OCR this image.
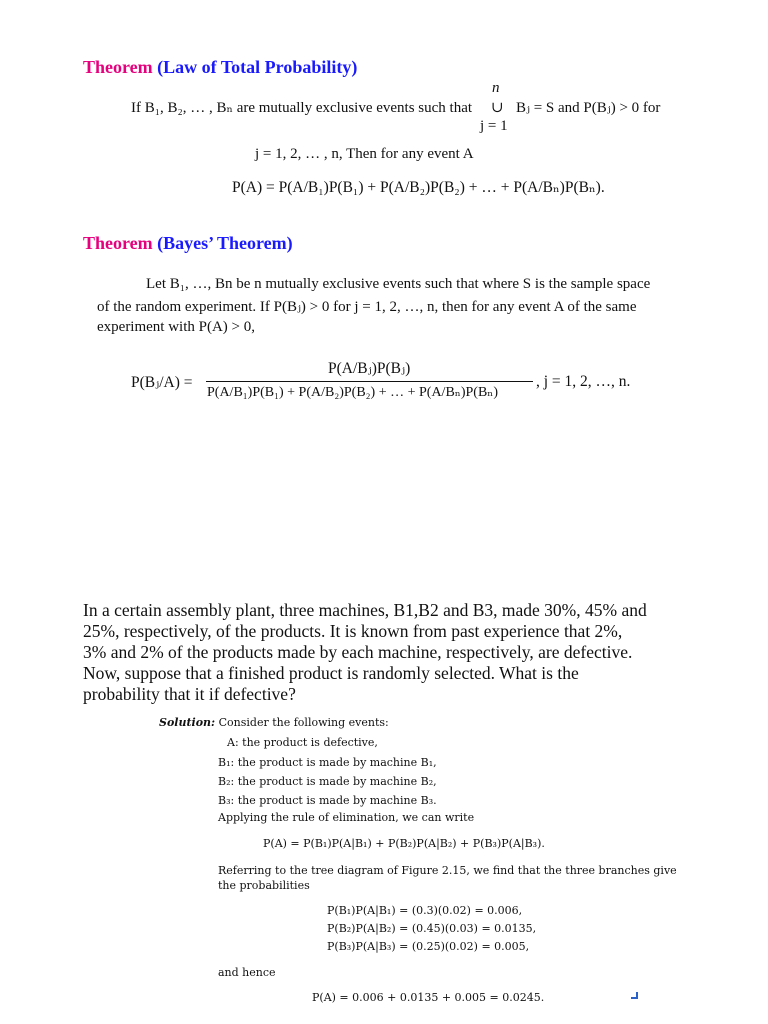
Theorem (Law of Total Probability)
If B₁, B₂, … , Bₙ are mutually exclusive events such that
n
∪
j = 1
Bⱼ = S and P(Bⱼ) > 0 for
j = 1, 2, … , n, Then for any event A
P(A) = P(A/B₁)P(B₁) + P(A/B₂)P(B₂) + … + P(A/Bₙ)P(Bₙ).
Theorem (Bayes’ Theorem)
Let B₁, …, Bn be n mutually exclusive events such that where S is the sample space
of the random experiment. If P(Bⱼ) > 0 for j = 1, 2, …, n, then for any event A of the same
experiment with P(A) > 0,
P(Bⱼ/A) =
P(A/Bⱼ)P(Bⱼ)
P(A/B₁)P(B₁) + P(A/B₂)P(B₂) + … + P(A/Bₙ)P(Bₙ)
, j = 1, 2, …, n.
In a certain assembly plant, three machines, B1,B2 and B3, made 30%, 45% and
25%, respectively, of the products. It is known from past experience that 2%,
3% and 2% of the products made by each machine, respectively, are defective.
Now, suppose that a finished product is randomly selected. What is the
probability that it if defective?
Solution: Consider the following events:
A: the product is defective,
B₁: the product is made by machine B₁,
B₂: the product is made by machine B₂,
B₃: the product is made by machine B₃.
Applying the rule of elimination, we can write
P(A) = P(B₁)P(A|B₁) + P(B₂)P(A|B₂) + P(B₃)P(A|B₃).
Referring to the tree diagram of Figure 2.15, we find that the three branches give
the probabilities
P(B₁)P(A|B₁) = (0.3)(0.02) = 0.006,
P(B₂)P(A|B₂) = (0.45)(0.03) = 0.0135,
P(B₃)P(A|B₃) = (0.25)(0.02) = 0.005,
and hence
P(A) = 0.006 + 0.0135 + 0.005 = 0.0245.
